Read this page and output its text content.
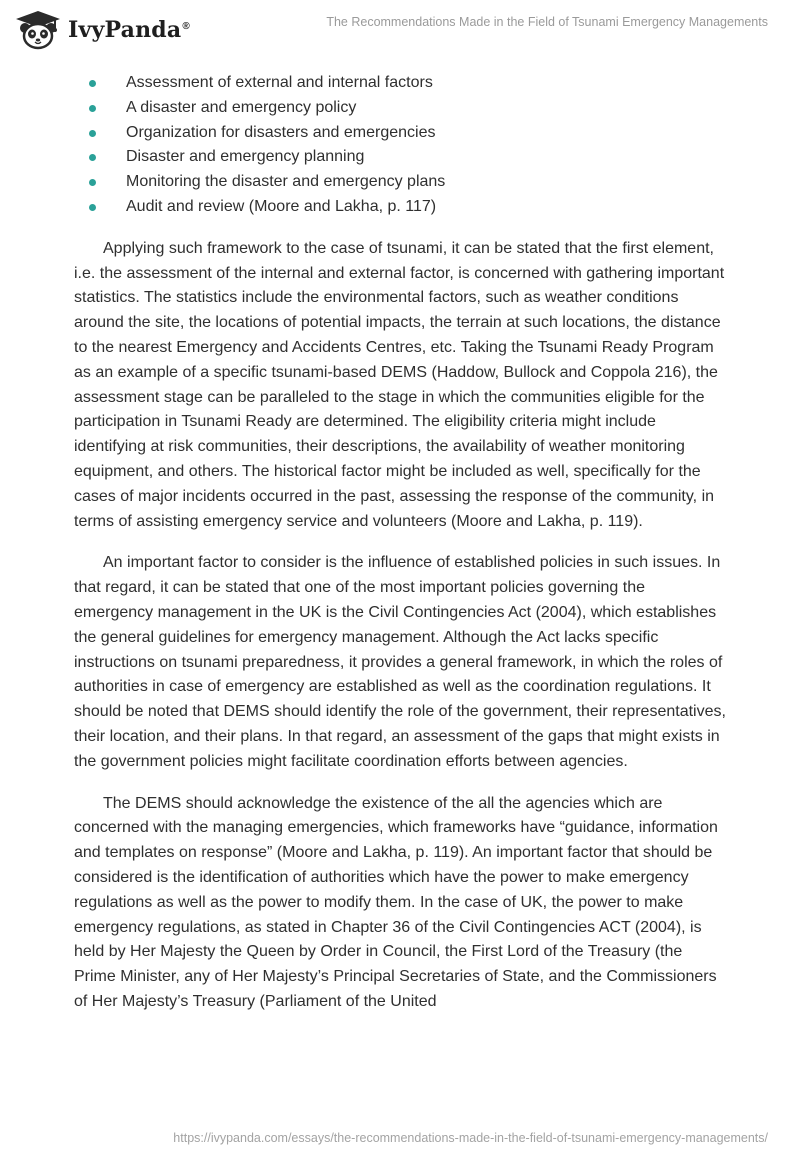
IvyPanda®	The Recommendations Made in the Field of Tsunami Emergency Managements
Assessment of external and internal factors
A disaster and emergency policy
Organization for disasters and emergencies
Disaster and emergency planning
Monitoring the disaster and emergency plans
Audit and review (Moore and Lakha, p. 117)

Applying such framework to the case of tsunami, it can be stated that the first element, i.e. the assessment of the internal and external factor, is concerned with gathering important statistics. The statistics include the environmental factors, such as weather conditions around the site, the locations of potential impacts, the terrain at such locations, the distance to the nearest Emergency and Accidents Centres, etc. Taking the Tsunami Ready Program as an example of a specific tsunami-based DEMS (Haddow, Bullock and Coppola 216), the assessment stage can be paralleled to the stage in which the communities eligible for the participation in Tsunami Ready are determined. The eligibility criteria might include identifying at risk communities, their descriptions, the availability of weather monitoring equipment, and others. The historical factor might be included as well, specifically for the cases of major incidents occurred in the past, assessing the response of the community, in terms of assisting emergency service and volunteers (Moore and Lakha, p. 119).

An important factor to consider is the influence of established policies in such issues. In that regard, it can be stated that one of the most important policies governing the emergency management in the UK is the Civil Contingencies Act (2004), which establishes the general guidelines for emergency management. Although the Act lacks specific instructions on tsunami preparedness, it provides a general framework, in which the roles of authorities in case of emergency are established as well as the coordination regulations. It should be noted that DEMS should identify the role of the government, their representatives, their location, and their plans. In that regard, an assessment of the gaps that might exists in the government policies might facilitate coordination efforts between agencies.

The DEMS should acknowledge the existence of the all the agencies which are concerned with the managing emergencies, which frameworks have “guidance, information and templates on response” (Moore and Lakha, p. 119). An important factor that should be considered is the identification of authorities which have the power to make emergency regulations as well as the power to modify them. In the case of UK, the power to make emergency regulations, as stated in Chapter 36 of the Civil Contingencies ACT (2004), is held by Her Majesty the Queen by Order in Council, the First Lord of the Treasury (the Prime Minister, any of Her Majesty’s Principal Secretaries of State, and the Commissioners of Her Majesty’s Treasury (Parliament of the United

https://ivypanda.com/essays/the-recommendations-made-in-the-field-of-tsunami-emergency-managements/
